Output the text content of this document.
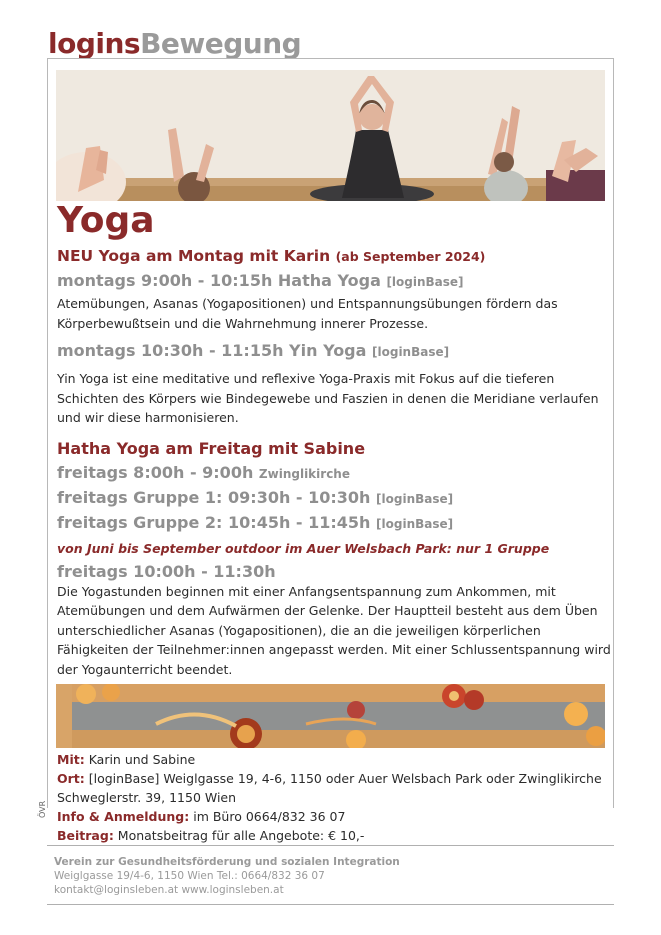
loginsBewegung
Yoga
NEU Yoga am Montag mit Karin (ab September 2024)
montags 9:00h - 10:15h Hatha Yoga [loginBase]

Atemübungen, Asanas (Yogapositionen) und Entspannungsübungen fördern das Körperbewußtsein und die Wahrnehmung innerer Prozesse.

montags 10:30h - 11:15h Yin Yoga [loginBase]

Yin Yoga ist eine meditative und reflexive Yoga-Praxis mit Fokus auf die tieferen Schichten des Körpers wie Bindegewebe und Faszien in denen die Meridiane verlaufen und wir diese harmonisieren.

Hatha Yoga am Freitag mit Sabine
freitags 8:00h - 9:00h Zwinglikirche
freitags Gruppe 1: 09:30h - 10:30h [loginBase]
freitags Gruppe 2: 10:45h - 11:45h [loginBase]

von Juni bis September outdoor im Auer Welsbach Park: nur 1 Gruppe

freitags 10:00h - 11:30h

Die Yogastunden beginnen mit einer Anfangsentspannung zum Ankommen, mit Atemübungen und dem Aufwärmen der Gelenke. Der Hauptteil besteht aus dem Üben unterschiedlicher Asanas (Yogapositionen), die an die jeweiligen körperlichen Fähigkeiten der Teilnehmer:innen angepasst werden. Mit einer Schlussentspannung wird der Yogaunterricht beendet.

Mit: Karin und Sabine
Ort: [loginBase] Weiglgasse 19, 4-6, 1150 oder Auer Welsbach Park oder Zwinglikirche Schweglerstr. 39, 1150 Wien
Info & Anmeldung: im Büro 0664/832 36 07
Beitrag: Monatsbeitrag für alle Angebote: € 10,-
ÖVR
Verein zur Gesundheitsförderung und sozialen Integration
Weiglgasse 19/4-6, 1150 Wien Tel.: 0664/832 36 07
kontakt@loginsleben.at www.loginsleben.at
